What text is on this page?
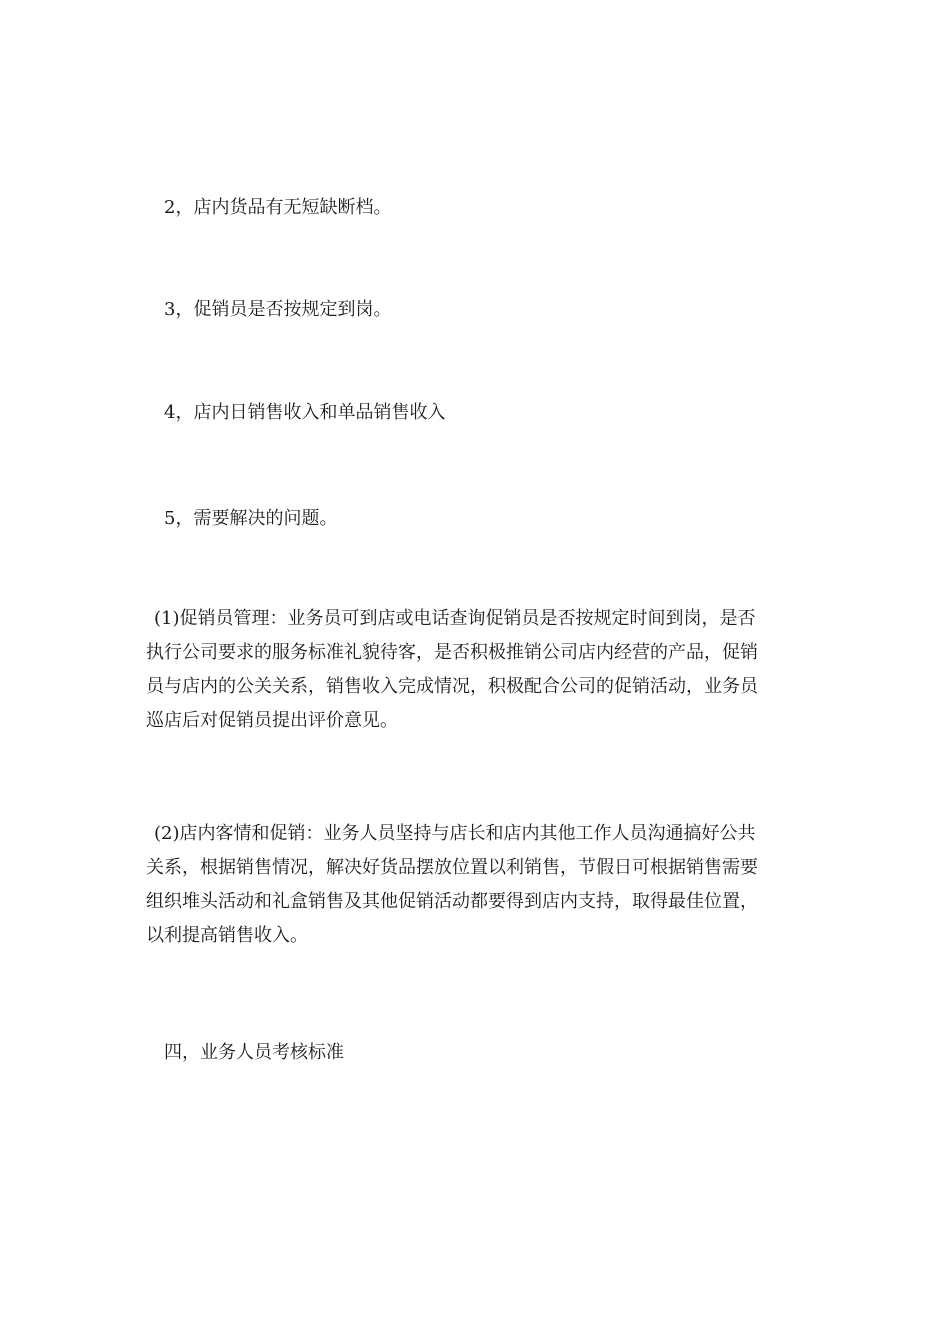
2，店内货品有无短缺断档。
3，促销员是否按规定到岗。
4，店内日销售收入和单品销售收入
5，需要解决的问题。
(1)促销员管理：业务员可到店或电话查询促销员是否按规定时间到岗，是否
执行公司要求的服务标准礼貌待客，是否积极推销公司店内经营的产品，促销
员与店内的公关关系，销售收入完成情况，积极配合公司的促销活动，业务员
巡店后对促销员提出评价意见。
(2)店内客情和促销：业务人员坚持与店长和店内其他工作人员沟通搞好公共
关系，根据销售情况，解决好货品摆放位置以利销售，节假日可根据销售需要
组织堆头活动和礼盒销售及其他促销活动都要得到店内支持，取得最佳位置，
以利提高销售收入。
四，业务人员考核标准
